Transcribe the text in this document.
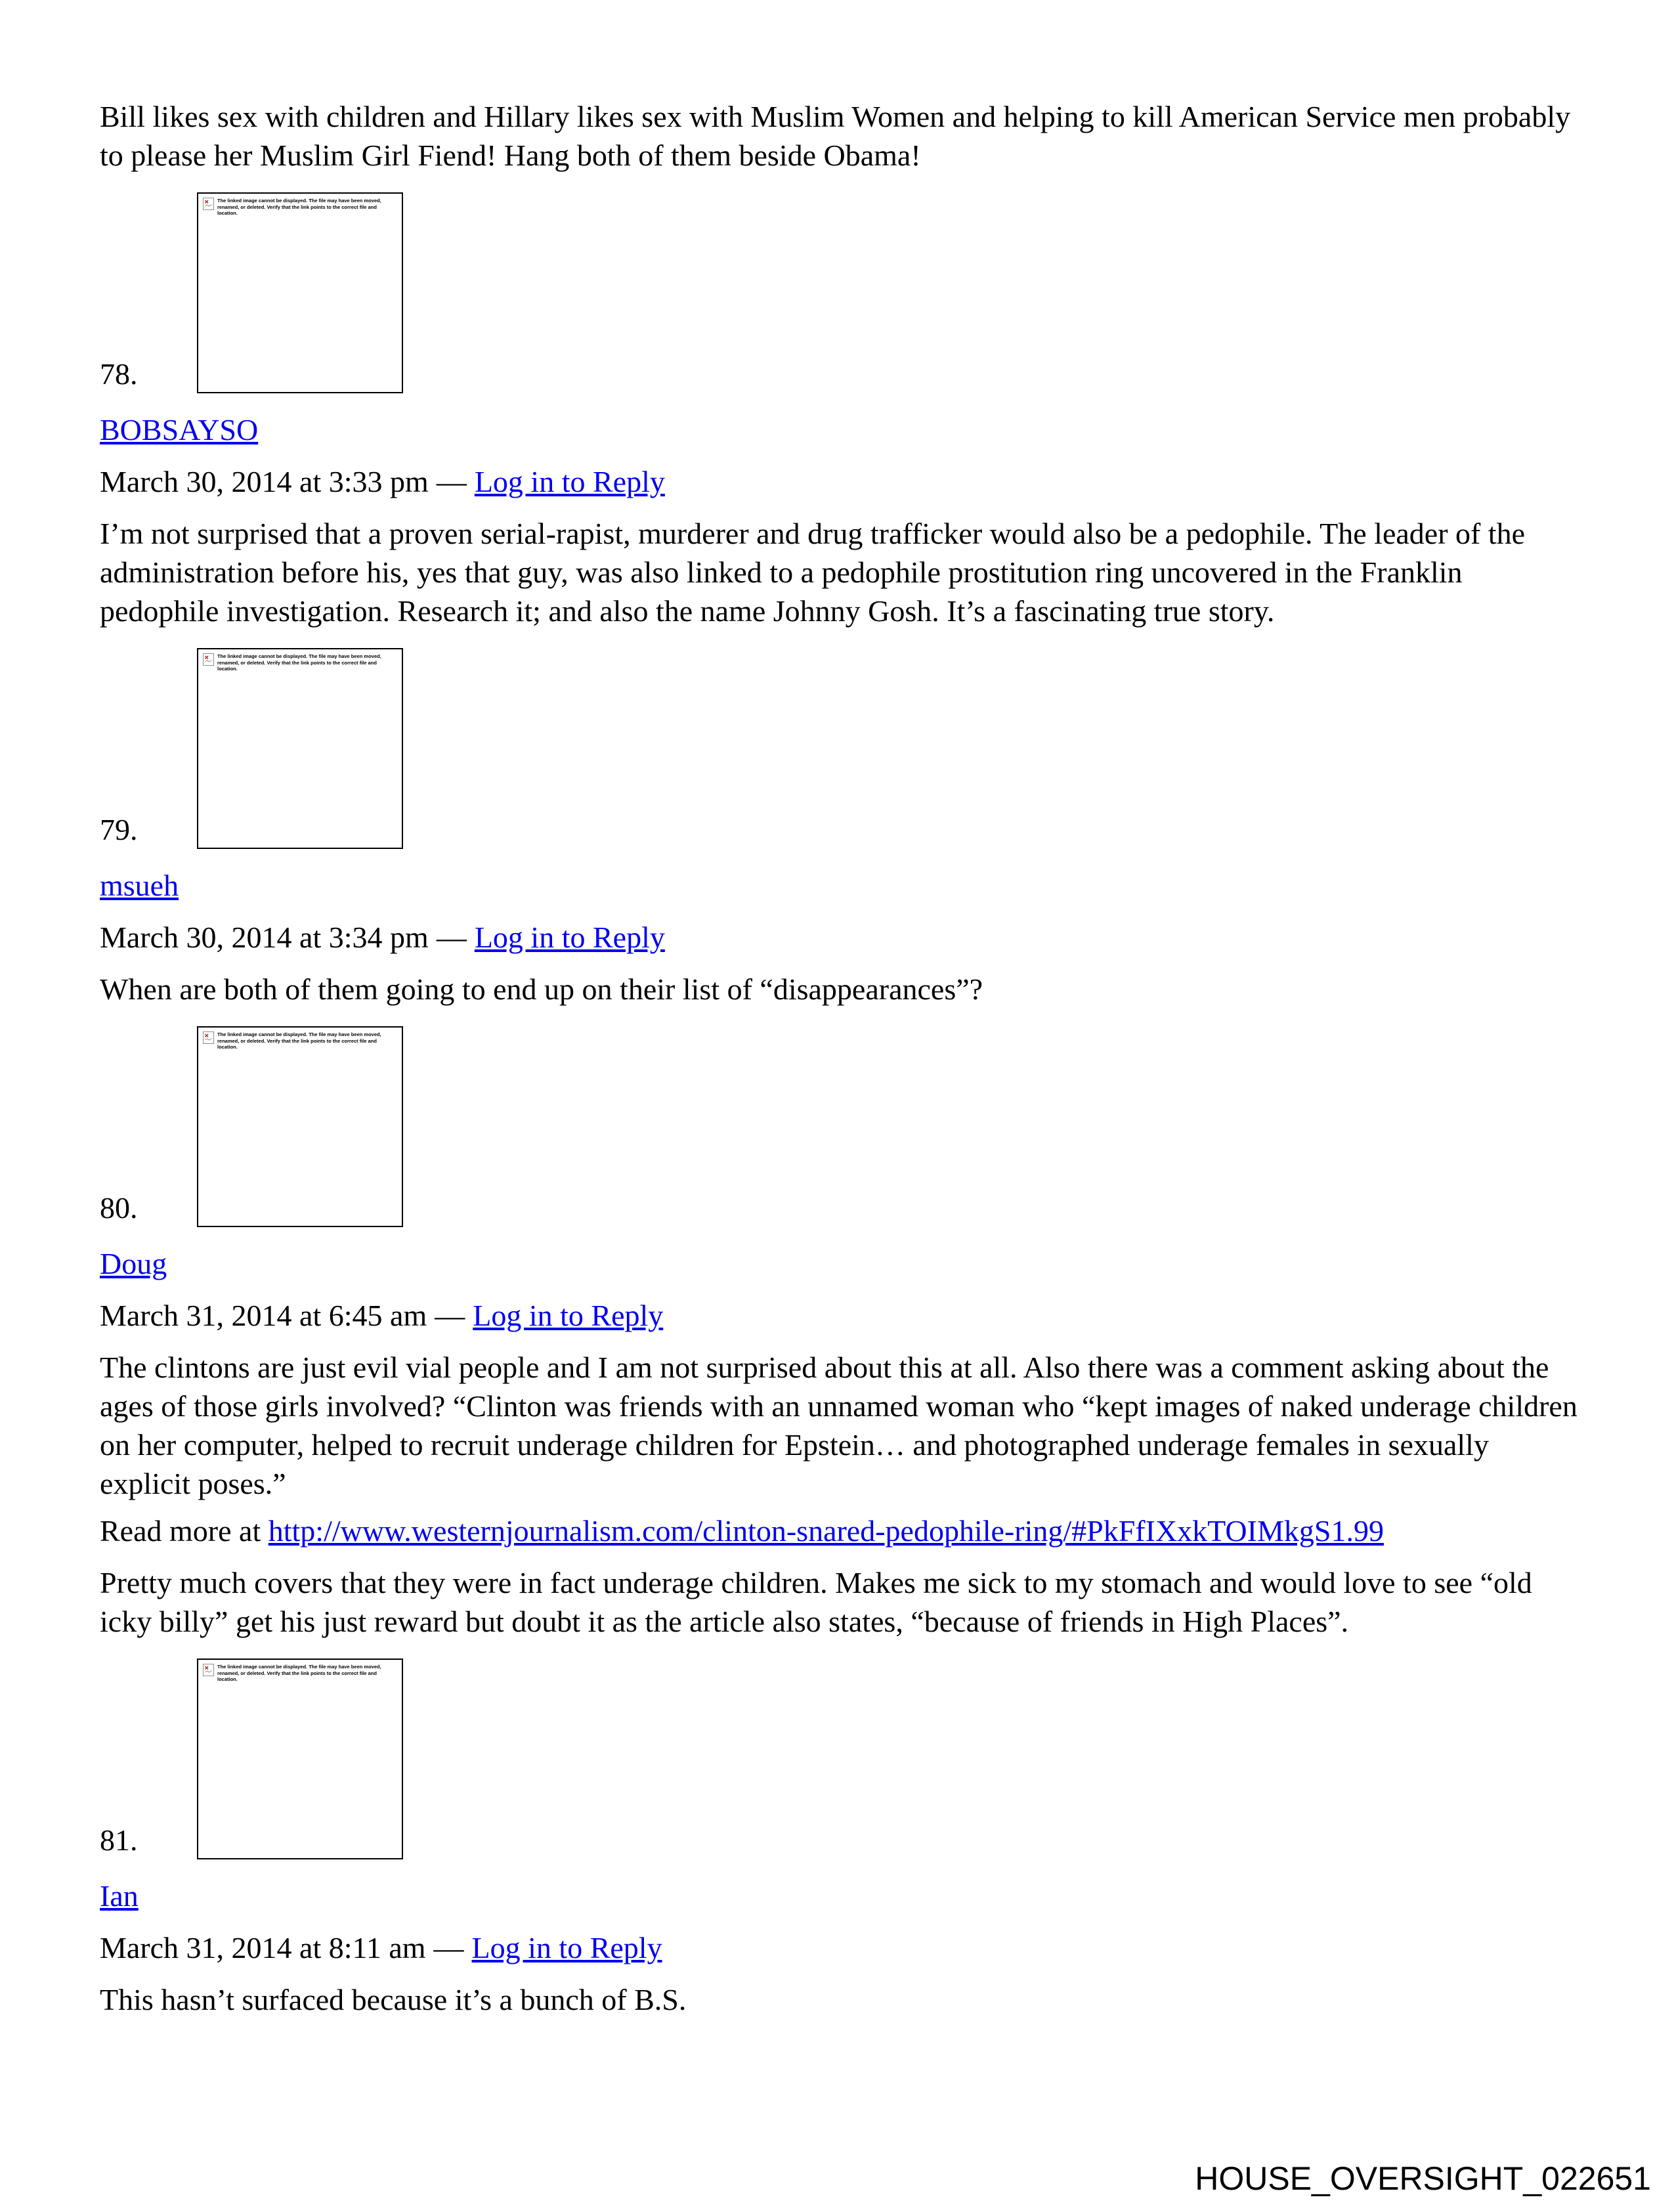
Bill likes sex with children and Hillary likes sex with Muslim Women and helping to kill American Service men probably to please her Muslim Girl Fiend! Hang both of them beside Obama!

78.
The linked image cannot be displayed. The file may have been moved, renamed, or deleted. Verify that the link points to the correct file and location.
BOBSAYSO
March 30, 2014 at 3:33 pm — Log in to Reply

I’m not surprised that a proven serial-rapist, murderer and drug trafficker would also be a pedophile. The leader of the administration before his, yes that guy, was also linked to a pedophile prostitution ring uncovered in the Franklin pedophile investigation. Research it; and also the name Johnny Gosh. It’s a fascinating true story.

79.
The linked image cannot be displayed. The file may have been moved, renamed, or deleted. Verify that the link points to the correct file and location.
msueh
March 30, 2014 at 3:34 pm — Log in to Reply

When are both of them going to end up on their list of “disappearances”?

80.
The linked image cannot be displayed. The file may have been moved, renamed, or deleted. Verify that the link points to the correct file and location.
Doug
March 31, 2014 at 6:45 am — Log in to Reply

The clintons are just evil vial people and I am not surprised about this at all. Also there was a comment asking about the ages of those girls involved? “Clinton was friends with an unnamed woman who “kept images of naked underage children on her computer, helped to recruit underage children for Epstein… and photographed underage females in sexually explicit poses.”

Read more at http://www.westernjournalism.com/clinton-snared-pedophile-ring/#PkFfIXxkTOIMkgS1.99

Pretty much covers that they were in fact underage children. Makes me sick to my stomach and would love to see “old icky billy” get his just reward but doubt it as the article also states, “because of friends in High Places”.

81.
The linked image cannot be displayed. The file may have been moved, renamed, or deleted. Verify that the link points to the correct file and location.
Ian
March 31, 2014 at 8:11 am — Log in to Reply

This hasn’t surfaced because it’s a bunch of B.S.

HOUSE_OVERSIGHT_022651
